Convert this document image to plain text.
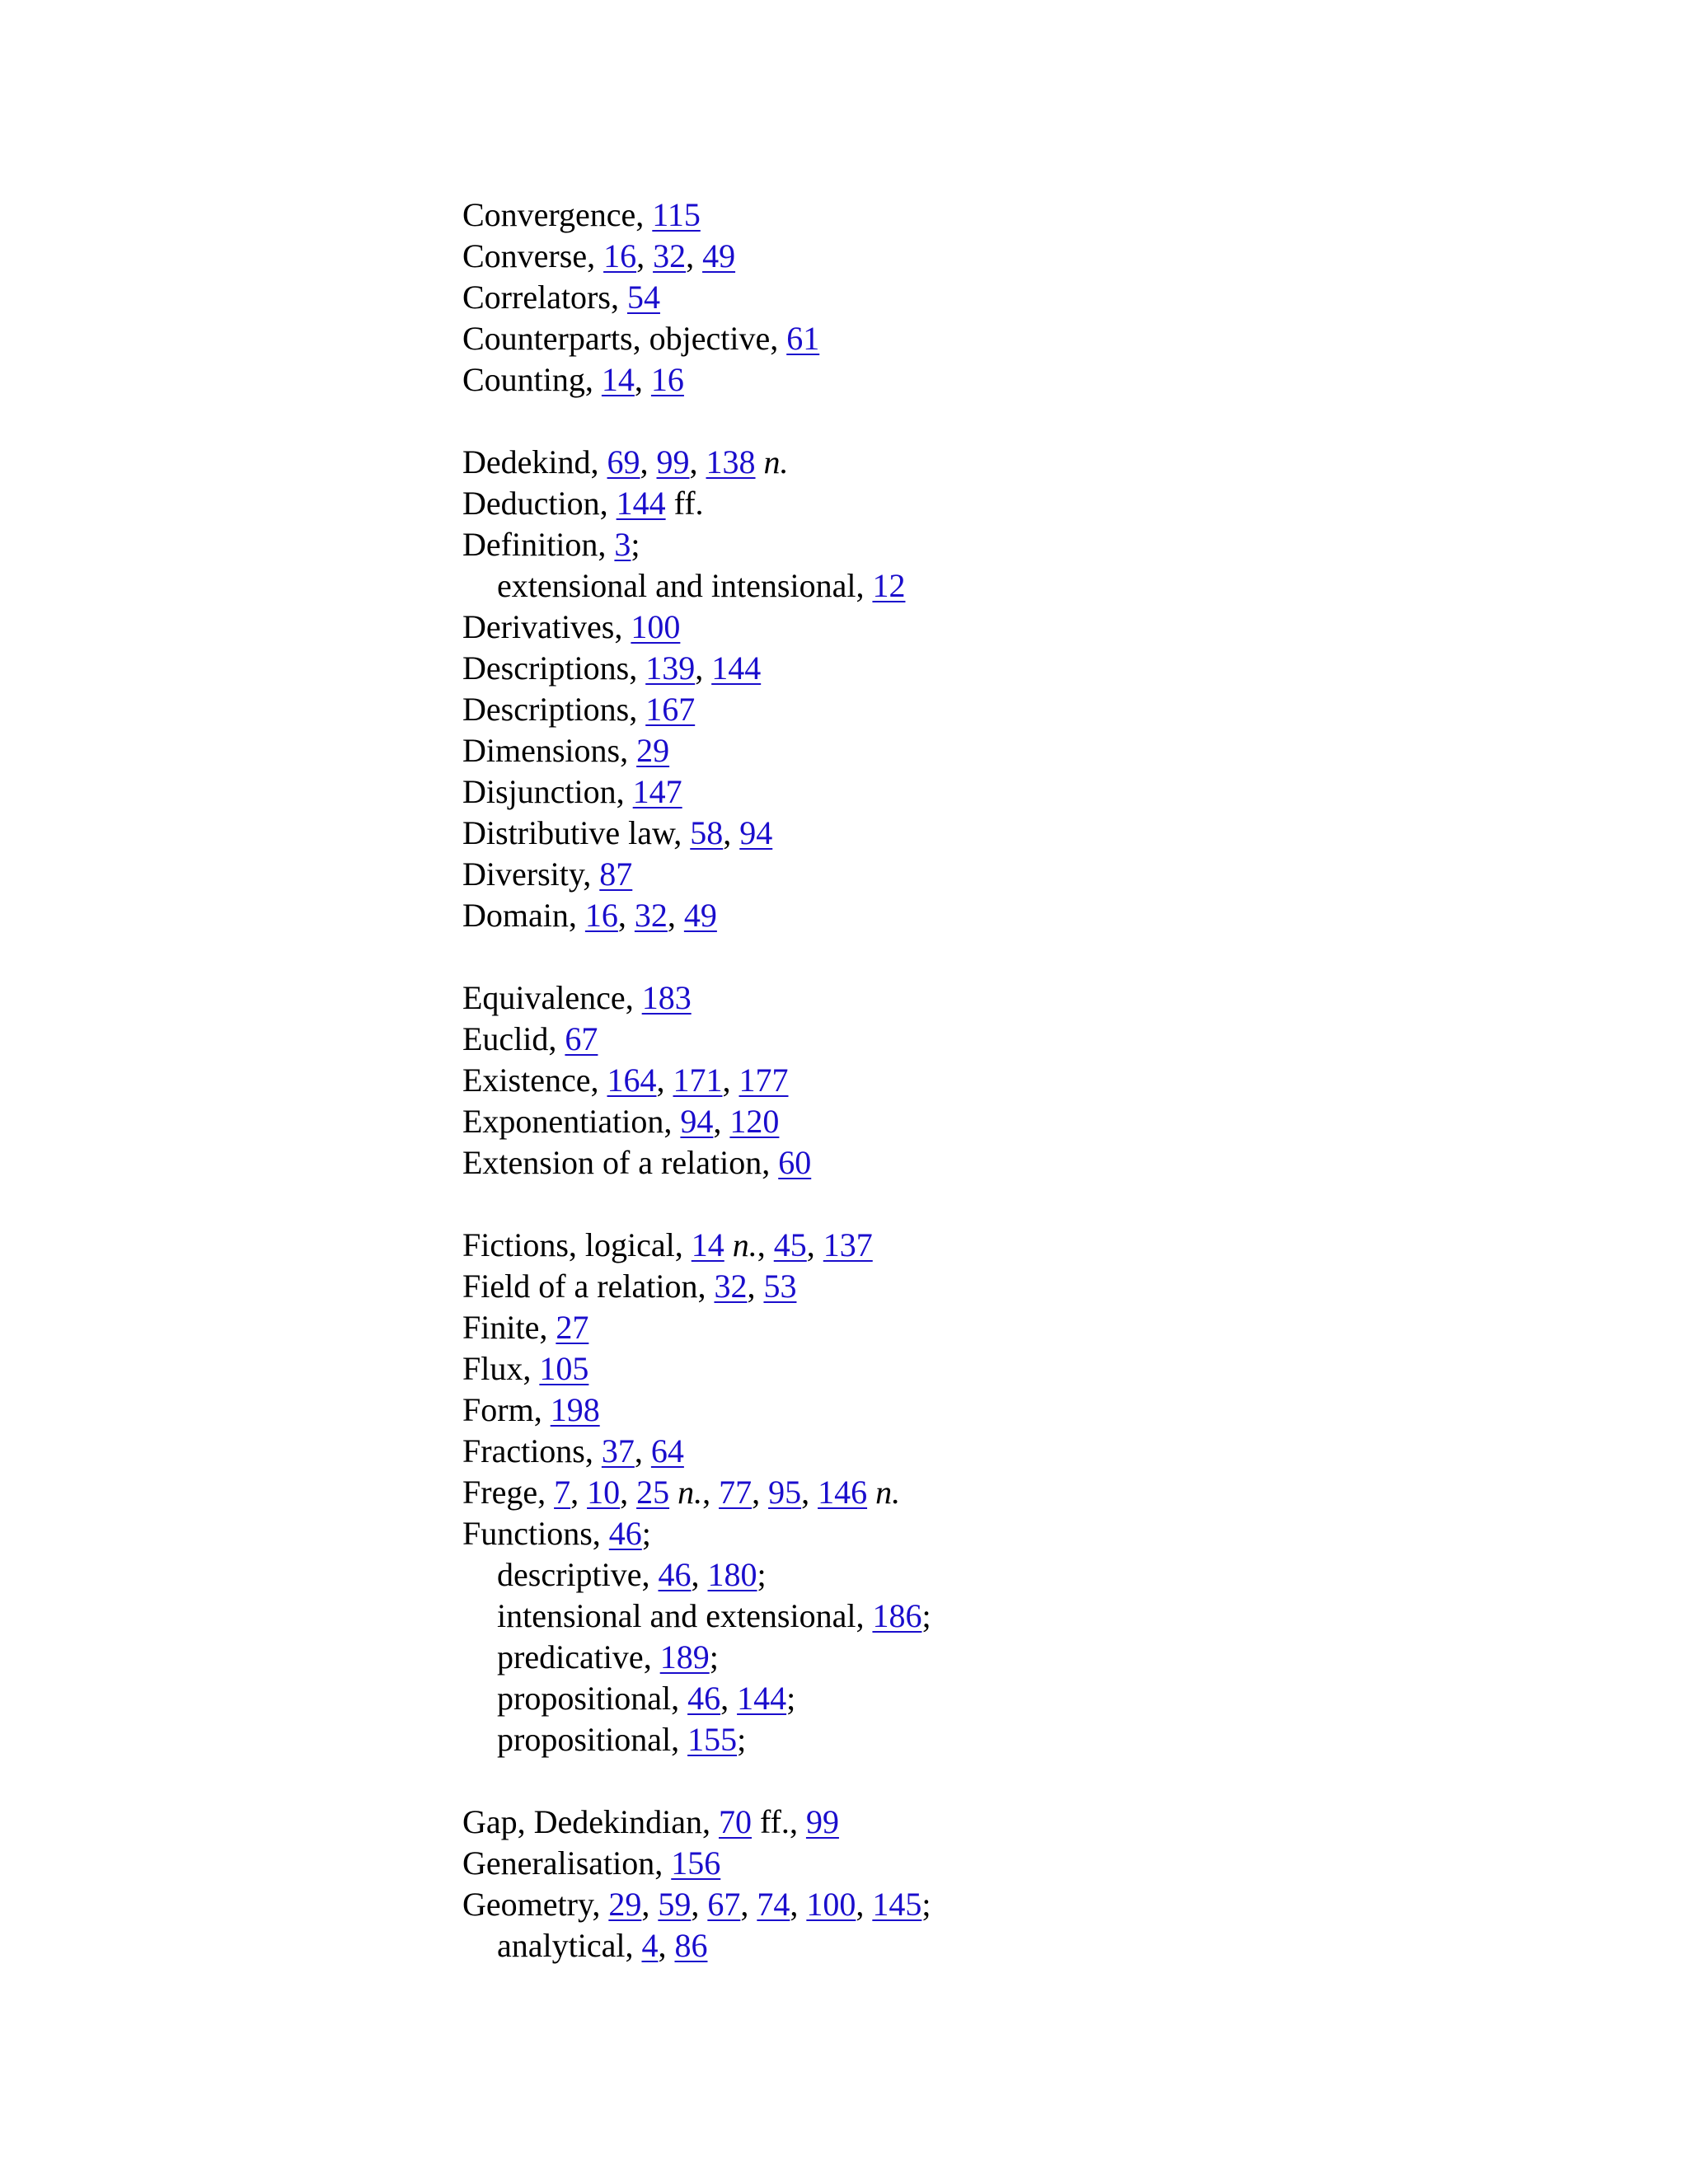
Convergence, 115
Converse, 16, 32, 49
Correlators, 54
Counterparts, objective, 61
Counting, 14, 16
Dedekind, 69, 99, 138 n.
Deduction, 144 ff.
Definition, 3;
extensional and intensional, 12
Derivatives, 100
Descriptions, 139, 144
Descriptions, 167
Dimensions, 29
Disjunction, 147
Distributive law, 58, 94
Diversity, 87
Domain, 16, 32, 49
Equivalence, 183
Euclid, 67
Existence, 164, 171, 177
Exponentiation, 94, 120
Extension of a relation, 60
Fictions, logical, 14 n., 45, 137
Field of a relation, 32, 53
Finite, 27
Flux, 105
Form, 198
Fractions, 37, 64
Frege, 7, 10, 25 n., 77, 95, 146 n.
Functions, 46;
descriptive, 46, 180;
intensional and extensional, 186;
predicative, 189;
propositional, 46, 144;
propositional, 155;
Gap, Dedekindian, 70 ff., 99
Generalisation, 156
Geometry, 29, 59, 67, 74, 100, 145;
analytical, 4, 86
